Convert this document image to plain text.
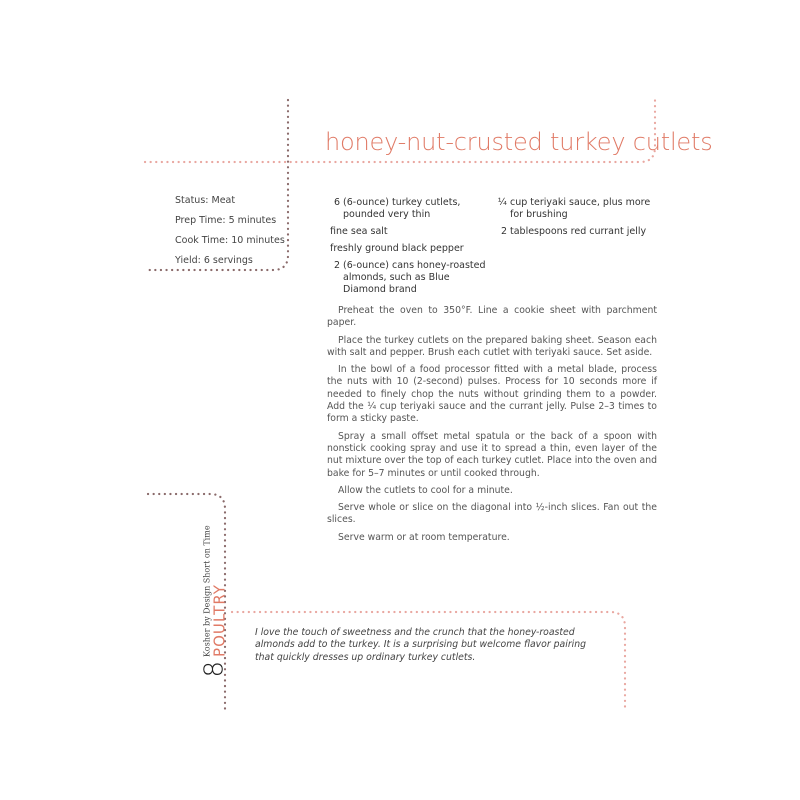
honey-nut-crusted turkey cutlets
Status: Meat
Prep Time: 5 minutes
Cook Time: 10 minutes
Yield: 6 servings
6 (6-ounce) turkey cutlets, pounded very thin
fine sea salt
freshly ground black pepper
2 (6-ounce) cans honey-roasted almonds, such as Blue Diamond brand
¼ cup teriyaki sauce, plus more for brushing
2 tablespoons red currant jelly

Preheat the oven to 350°F. Line a cookie sheet with parchment paper.

Place the turkey cutlets on the prepared baking sheet. Season each with salt and pepper. Brush each cutlet with teriyaki sauce. Set aside.

In the bowl of a food processor fitted with a metal blade, process the nuts with 10 (2-second) pulses. Process for 10 seconds more if needed to finely chop the nuts without grinding them to a powder. Add the ¼ cup teriyaki sauce and the currant jelly. Pulse 2–3 times to form a sticky paste.

Spray a small offset metal spatula or the back of a spoon with nonstick cooking spray and use it to spread a thin, even layer of the nut mixture over the top of each turkey cutlet. Place into the oven and bake for 5–7 minutes or until cooked through.

Allow the cutlets to cool for a minute.

Serve whole or slice on the diagonal into ½-inch slices. Fan out the slices.

Serve warm or at room temperature.

8
Kosher by Design Short on Time POULTRY	I love the touch of sweetness and the crunch that the honey-roasted almonds add to the turkey. It is a surprising but welcome flavor pairing that quickly dresses up ordinary turkey cutlets.
